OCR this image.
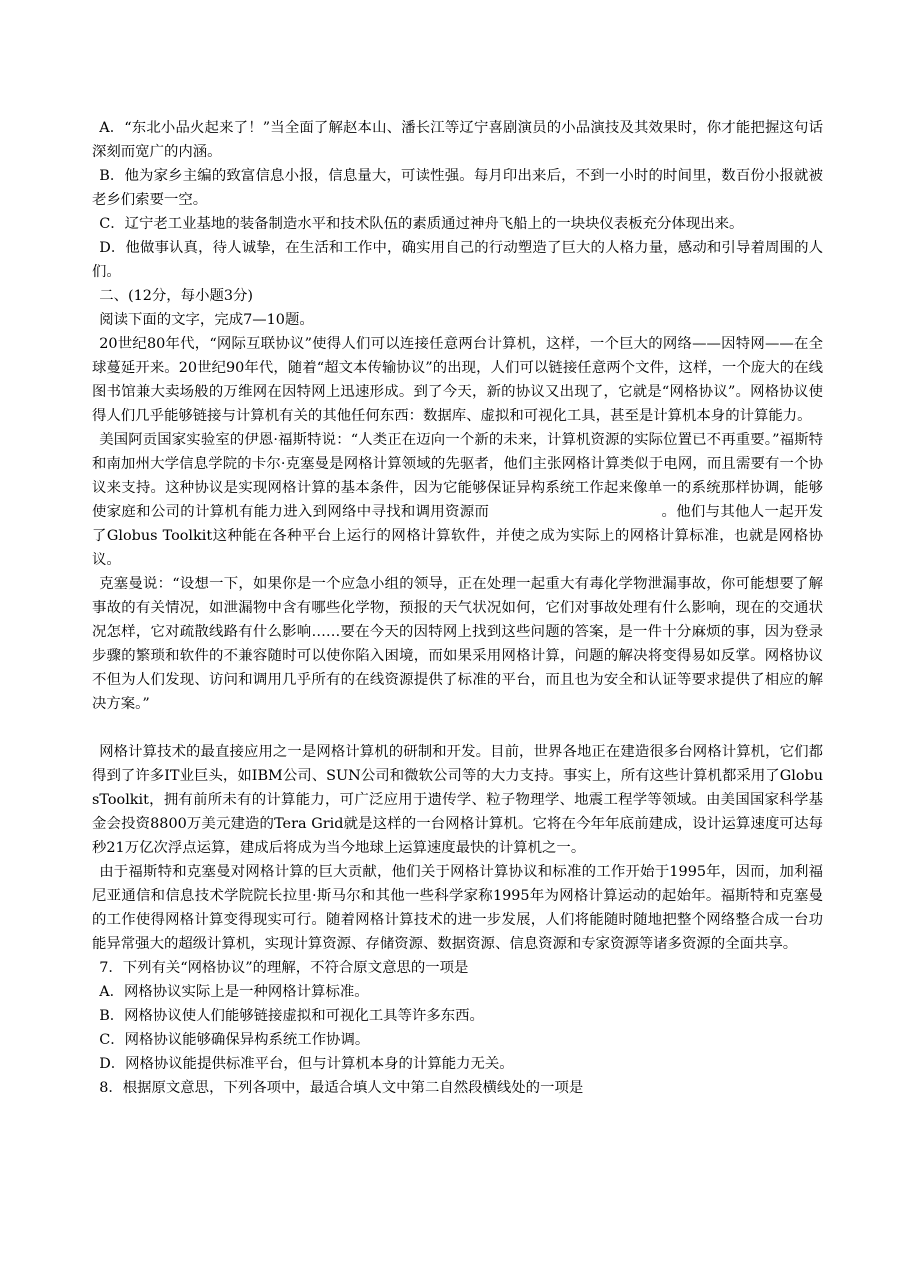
A．“东北小品火起来了！”当全面了解赵本山、潘长江等辽宁喜剧演员的小品演技及其效果时，你才能把握这句话深刻而宽广的内涵。

B．他为家乡主编的致富信息小报，信息量大，可读性强。每月印出来后，不到一小时的时间里，数百份小报就被老乡们索要一空。

C．辽宁老工业基地的装备制造水平和技术队伍的素质通过神舟飞船上的一块块仪表板充分体现出来。

D．他做事认真，待人诚挚，在生活和工作中，确实用自己的行动塑造了巨大的人格力量，感动和引导着周围的人们。

二、(12分，每小题3分)

阅读下面的文字，完成7—10题。

20世纪80年代，“网际互联协议”使得人们可以连接任意两台计算机，这样，一个巨大的网络——因特网——在全球蔓延开来。20世纪90年代，随着“超文本传输协议”的出现，人们可以链接任意两个文件，这样，一个庞大的在线图书馆兼大卖场般的万维网在因特网上迅速形成。到了今天，新的协议又出现了，它就是“网格协议”。网格协议使得人们几乎能够链接与计算机有关的其他任何东西：数据库、虚拟和可视化工具，甚至是计算机本身的计算能力。

美国阿贡国家实验室的伊恩·福斯特说：“人类正在迈向一个新的未来，计算机资源的实际位置已不再重要。”福斯特和南加州大学信息学院的卡尔·克塞曼是网格计算领域的先驱者，他们主张网格计算类似于电网，而且需要有一个协议来支持。这种协议是实现网格计算的基本条件，因为它能够保证异构系统工作起来像单一的系统那样协调，能够使家庭和公司的计算机有能力进入到网络中寻找和调用资源而	。他们与其他人一起开发了Globus Toolkit这种能在各种平台上运行的网格计算软件，并使之成为实际上的网格计算标准，也就是网格协议。

克塞曼说：“设想一下，如果你是一个应急小组的领导，正在处理一起重大有毒化学物泄漏事故，你可能想要了解事故的有关情况，如泄漏物中含有哪些化学物，预报的天气状况如何，它们对事故处理有什么影响，现在的交通状况怎样，它对疏散线路有什么影响……要在今天的因特网上找到这些问题的答案，是一件十分麻烦的事，因为登录步骤的繁琐和软件的不兼容随时可以使你陷入困境，而如果采用网格计算，问题的解决将变得易如反掌。网格协议不但为人们发现、访问和调用几乎所有的在线资源提供了标准的平台，而且也为安全和认证等要求提供了相应的解决方案。”

网格计算技术的最直接应用之一是网格计算机的研制和开发。目前，世界各地正在建造很多台网格计算机，它们都得到了许多IT业巨头，如IBM公司、SUN公司和微软公司等的大力支持。事实上，所有这些计算机都采用了GlobusToolkit，拥有前所未有的计算能力，可广泛应用于遗传学、粒子物理学、地震工程学等领域。由美国国家科学基金会投资8800万美元建造的Tera Grid就是这样的一台网格计算机。它将在今年年底前建成，设计运算速度可达每秒21万亿次浮点运算，建成后将成为当今地球上运算速度最快的计算机之一。

由于福斯特和克塞曼对网格计算的巨大贡献，他们关于网格计算协议和标准的工作开始于1995年，因而，加利福尼亚通信和信息技术学院院长拉里·斯马尔和其他一些科学家称1995年为网格计算运动的起始年。福斯特和克塞曼的工作使得网格计算变得现实可行。随着网格计算技术的进一步发展，人们将能随时随地把整个网络整合成一台功能异常强大的超级计算机，实现计算资源、存储资源、数据资源、信息资源和专家资源等诸多资源的全面共享。

7．下列有关“网格协议”的理解，不符合原文意思的一项是

A．网格协议实际上是一种网格计算标准。

B．网格协议使人们能够链接虚拟和可视化工具等许多东西。

C．网格协议能够确保异构系统工作协调。

D．网格协议能提供标准平台，但与计算机本身的计算能力无关。

8．根据原文意思，下列各项中，最适合填人文中第二自然段横线处的一项是
